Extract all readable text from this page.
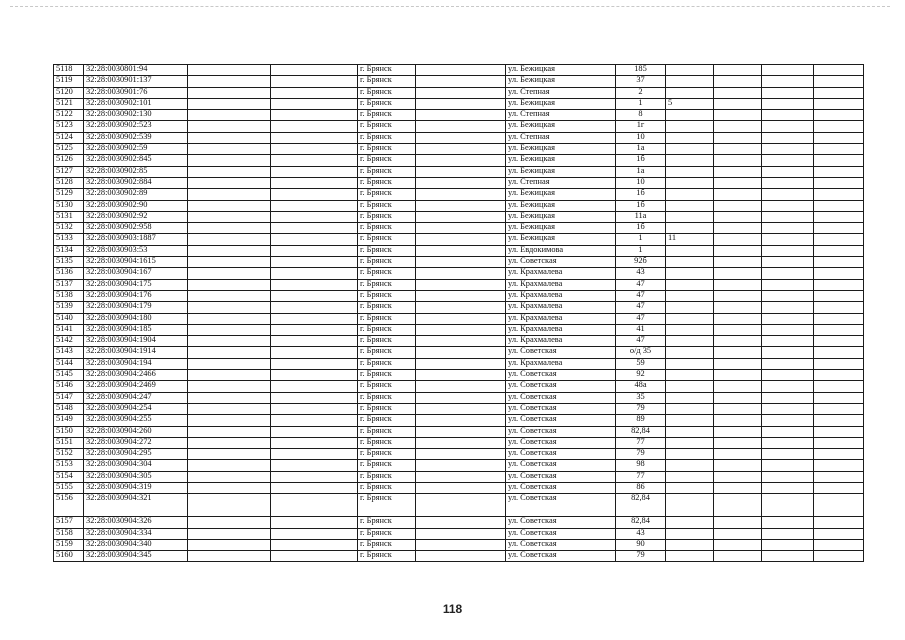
5118	32:28:0030801:94			г. Брянск		ул. Бежицкая	185				
5119	32:28:0030901:137			г. Брянск		ул. Бежицкая	37				
5120	32:28:0030901:76			г. Брянск		ул. Степная	2				
5121	32:28:0030902:101			г. Брянск		ул. Бежицкая	1	5			
5122	32:28:0030902:130			г. Брянск		ул. Степная	8				
5123	32:28:0030902:523			г. Брянск		ул. Бежицкая	1г				
5124	32:28:0030902:539			г. Брянск		ул. Степная	10				
5125	32:28:0030902:59			г. Брянск		ул. Бежицкая	1а				
5126	32:28:0030902:845			г. Брянск		ул. Бежицкая	1б				
5127	32:28:0030902:85			г. Брянск		ул. Бежицкая	1а				
5128	32:28:0030902:884			г. Брянск		ул. Степная	10				
5129	32:28:0030902:89			г. Брянск		ул. Бежицкая	1б				
5130	32:28:0030902:90			г. Брянск		ул. Бежицкая	1б				
5131	32:28:0030902:92			г. Брянск		ул. Бежицкая	11а				
5132	32:28:0030902:958			г. Брянск		ул. Бежицкая	1б				
5133	32:28:0030903:1887			г. Брянск		ул. Бежицкая	1	11			
5134	32:28:0030903:53			г. Брянск		ул. Евдокимова	1				
5135	32:28:0030904:1615			г. Брянск		ул. Советская	92б				
5136	32:28:0030904:167			г. Брянск		ул. Крахмалева	43				
5137	32:28:0030904:175			г. Брянск		ул. Крахмалева	47				
5138	32:28:0030904:176			г. Брянск		ул. Крахмалева	47				
5139	32:28:0030904:179			г. Брянск		ул. Крахмалева	47				
5140	32:28:0030904:180			г. Брянск		ул. Крахмалева	47				
5141	32:28:0030904:185			г. Брянск		ул. Крахмалева	41				
5142	32:28:0030904:1904			г. Брянск		ул. Крахмалева	47				
5143	32:28:0030904:1914			г. Брянск		ул. Советская	о/д 35				
5144	32:28:0030904:194			г. Брянск		ул. Крахмалева	59				
5145	32:28:0030904:2466			г. Брянск		ул. Советская	92				
5146	32:28:0030904:2469			г. Брянск		ул. Советская	48а				
5147	32:28:0030904:247			г. Брянск		ул. Советская	35				
5148	32:28:0030904:254			г. Брянск		ул. Советская	79				
5149	32:28:0030904:255			г. Брянск		ул. Советская	89				
5150	32:28:0030904:260			г. Брянск		ул. Советская	82,84				
5151	32:28:0030904:272			г. Брянск		ул. Советская	77				
5152	32:28:0030904:295			г. Брянск		ул. Советская	79				
5153	32:28:0030904:304			г. Брянск		ул. Советская	98				
5154	32:28:0030904:305			г. Брянск		ул. Советская	77				
5155	32:28:0030904:319			г. Брянск		ул. Советская	86				
5156	32:28:0030904:321			г. Брянск		ул. Советская	82,84				
5157	32:28:0030904:326			г. Брянск		ул. Советская	82,84				
5158	32:28:0030904:334			г. Брянск		ул. Советская	43				
5159	32:28:0030904:340			г. Брянск		ул. Советская	90				
5160	32:28:0030904:345			г. Брянск		ул. Советская	79				
118
